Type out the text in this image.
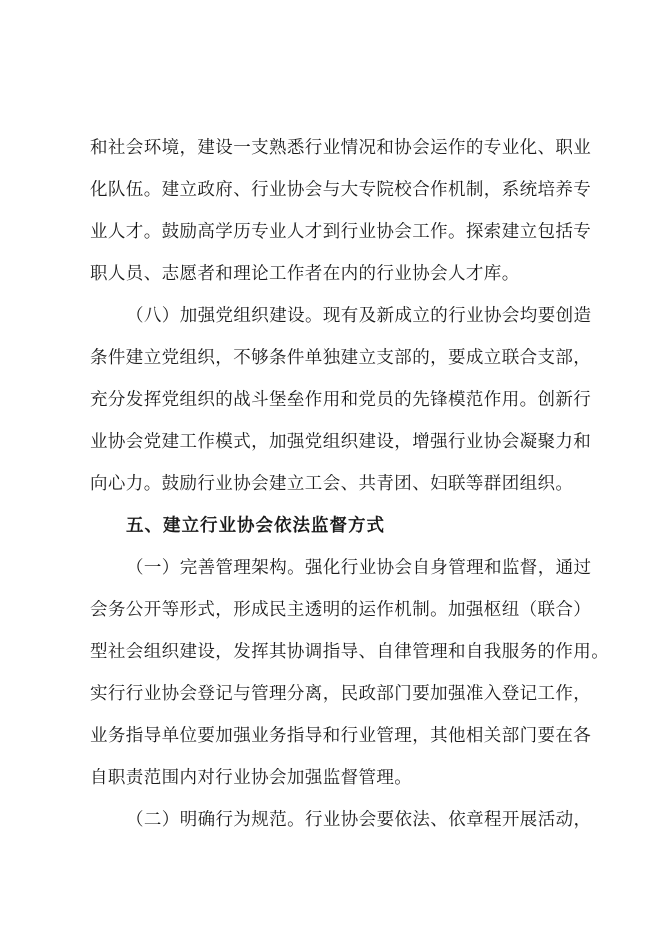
和社会环境，建设一支熟悉行业情况和协会运作的专业化、职业
化队伍。建立政府、行业协会与大专院校合作机制，系统培养专
业人才。鼓励高学历专业人才到行业协会工作。探索建立包括专
职人员、志愿者和理论工作者在内的行业协会人才库。
（八）加强党组织建设。现有及新成立的行业协会均要创造
条件建立党组织，不够条件单独建立支部的，要成立联合支部，
充分发挥党组织的战斗堡垒作用和党员的先锋模范作用。创新行
业协会党建工作模式，加强党组织建设，增强行业协会凝聚力和
向心力。鼓励行业协会建立工会、共青团、妇联等群团组织。
五、建立行业协会依法监督方式
（一）完善管理架构。强化行业协会自身管理和监督，通过
会务公开等形式，形成民主透明的运作机制。加强枢纽（联合）
型社会组织建设，发挥其协调指导、自律管理和自我服务的作用。
实行行业协会登记与管理分离，民政部门要加强准入登记工作，
业务指导单位要加强业务指导和行业管理，其他相关部门要在各
自职责范围内对行业协会加强监督管理。
（二）明确行为规范。行业协会要依法、依章程开展活动，
